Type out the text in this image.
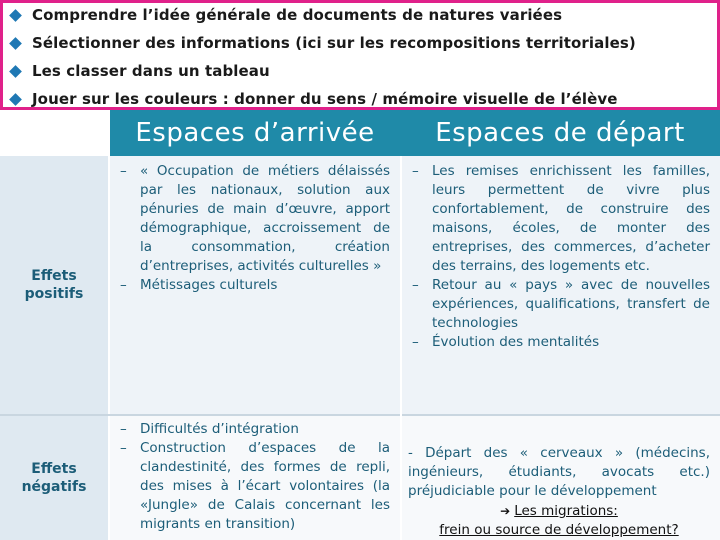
Comprendre l’idée générale de documents de natures variées
Sélectionner des informations (ici sur les recompositions territoriales)
Les classer dans un tableau
Jouer sur les couleurs : donner du sens / mémoire visuelle de l’élève
Espaces d’arrivée	Espaces de départ
Effets positifs
Effets négatifs
– « Occupation de métiers délaissés par les nationaux, solution aux pénuries de main d’œuvre, apport démographique, accroissement de la consommation, création d’entreprises, activités culturelles »
– Métissages culturels
– Les remises enrichissent les familles, leurs permettent de vivre plus confortablement, de construire des maisons, écoles, de monter des entreprises, des commerces, d’acheter des terrains, des logements etc.
– Retour au « pays » avec de nouvelles expériences, qualifications, transfert de technologies
– Évolution des mentalités
– Difficultés d’intégration
– Construction d’espaces de la clandestinité, des formes de repli, des mises à l’écart volontaires (la «Jungle» de Calais concernant les migrants en transition)
- Départ des « cerveaux » (médecins, ingénieurs, étudiants, avocats etc.) préjudiciable pour le développement
➔ Les migrations:
frein ou source de développement?
